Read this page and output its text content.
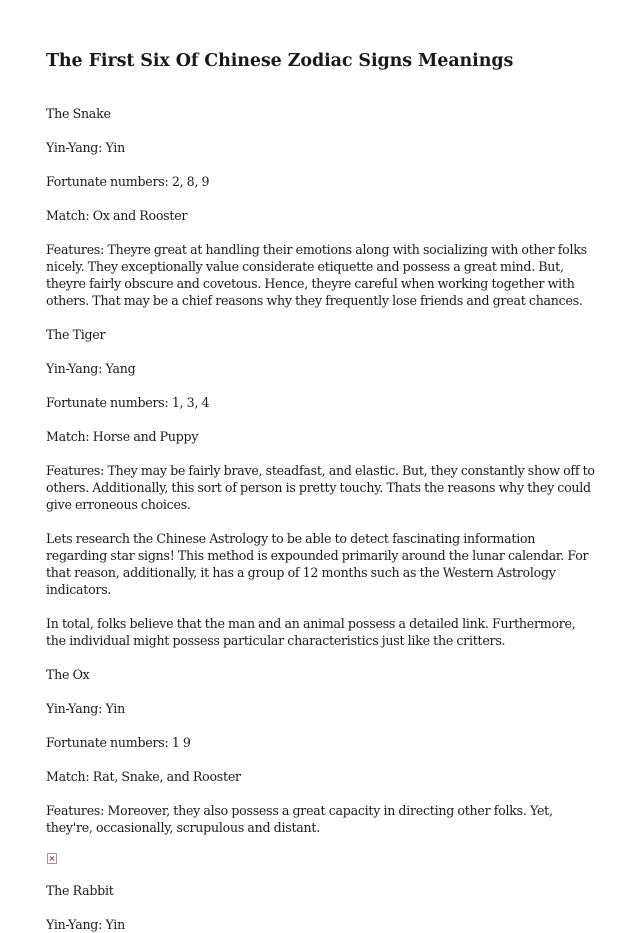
The First Six Of Chinese Zodiac Signs Meanings

The Snake

Yin-Yang: Yin

Fortunate numbers: 2, 8, 9

Match: Ox and Rooster

Features: Theyre great at handling their emotions along with socializing with other folks nicely. They exceptionally value considerate etiquette and possess a great mind. But, theyre fairly obscure and covetous. Hence, theyre careful when working together with others. That may be a chief reasons why they frequently lose friends and great chances.

The Tiger

Yin-Yang: Yang

Fortunate numbers: 1, 3, 4

Match: Horse and Puppy

Features: They may be fairly brave, steadfast, and elastic. But, they constantly show off to others. Additionally, this sort of person is pretty touchy. Thats the reasons why they could give erroneous choices.

Lets research the Chinese Astrology to be able to detect fascinating information regarding star signs! This method is expounded primarily around the lunar calendar. For that reason, additionally, it has a group of 12 months such as the Western Astrology indicators.

In total, folks believe that the man and an animal possess a detailed link. Furthermore, the individual might possess particular characteristics just like the critters.

The Ox

Yin-Yang: Yin

Fortunate numbers: 1 9

Match: Rat, Snake, and Rooster

Features: Moreover, they also possess a great capacity in directing other folks. Yet, they're, occasionally, scrupulous and distant.

The Rabbit

Yin-Yang: Yin
